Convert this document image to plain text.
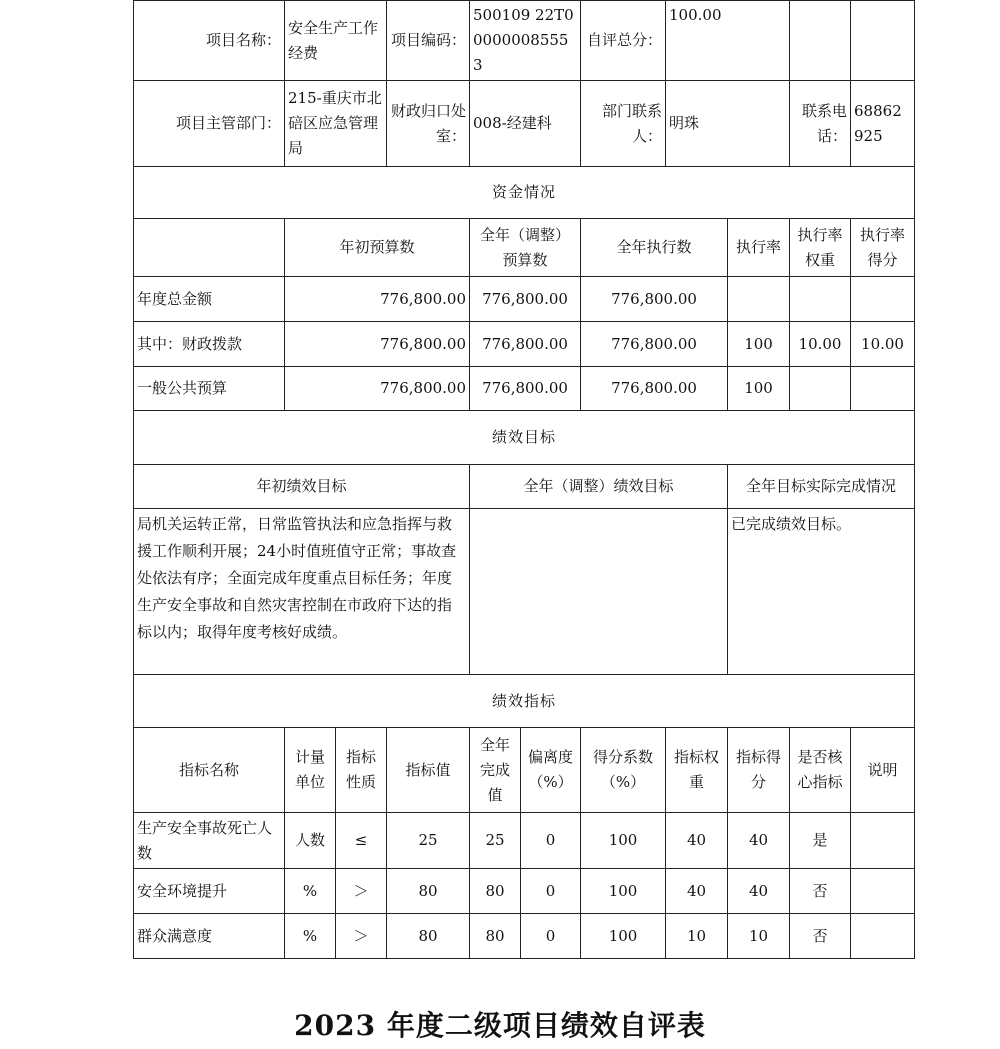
项目名称：	安全生产工作经费		项目编码：	500109 22T000000085553		自评总分：	100.00			
项目主管部门：	215-重庆市北碚区应急管理局		财政归口处室：	008-经建科		部门联系人：	明珠		联系电话：	68862925
资金情况										
	年初预算数			全年（调整）预算数		全年执行数		执行率	执行率权重	执行率得分
年度总金额	776,800.00			776,800.00		776,800.00				
其中：财政拨款	776,800.00			776,800.00		776,800.00		100	10.00	10.00
一般公共预算	776,800.00			776,800.00		776,800.00		100		
绩效目标										
年初绩效目标				全年（调整）绩效目标				全年目标实际完成情况		
局机关运转正常，日常监管执法和应急指挥与救援工作顺利开展；24小时值班值守正常；事故查处依法有序；全面完成年度重点目标任务；年度生产安全事故和自然灾害控制在市政府下达的指标以内；取得年度考核好成绩。								已完成绩效目标。		
绩效指标										
指标名称	计量单位	指标性质	指标值	全年完成值	偏离度（%）	得分系数（%）	指标权重	指标得分	是否核心指标	说明
生产安全事故死亡人数	人数	≤	25	25	0	100	40	40	是	
安全环境提升	%	＞	80	80	0	100	40	40	否	
群众满意度	%	＞	80	80	0	100	10	10	否	
2023 年度二级项目绩效自评表
